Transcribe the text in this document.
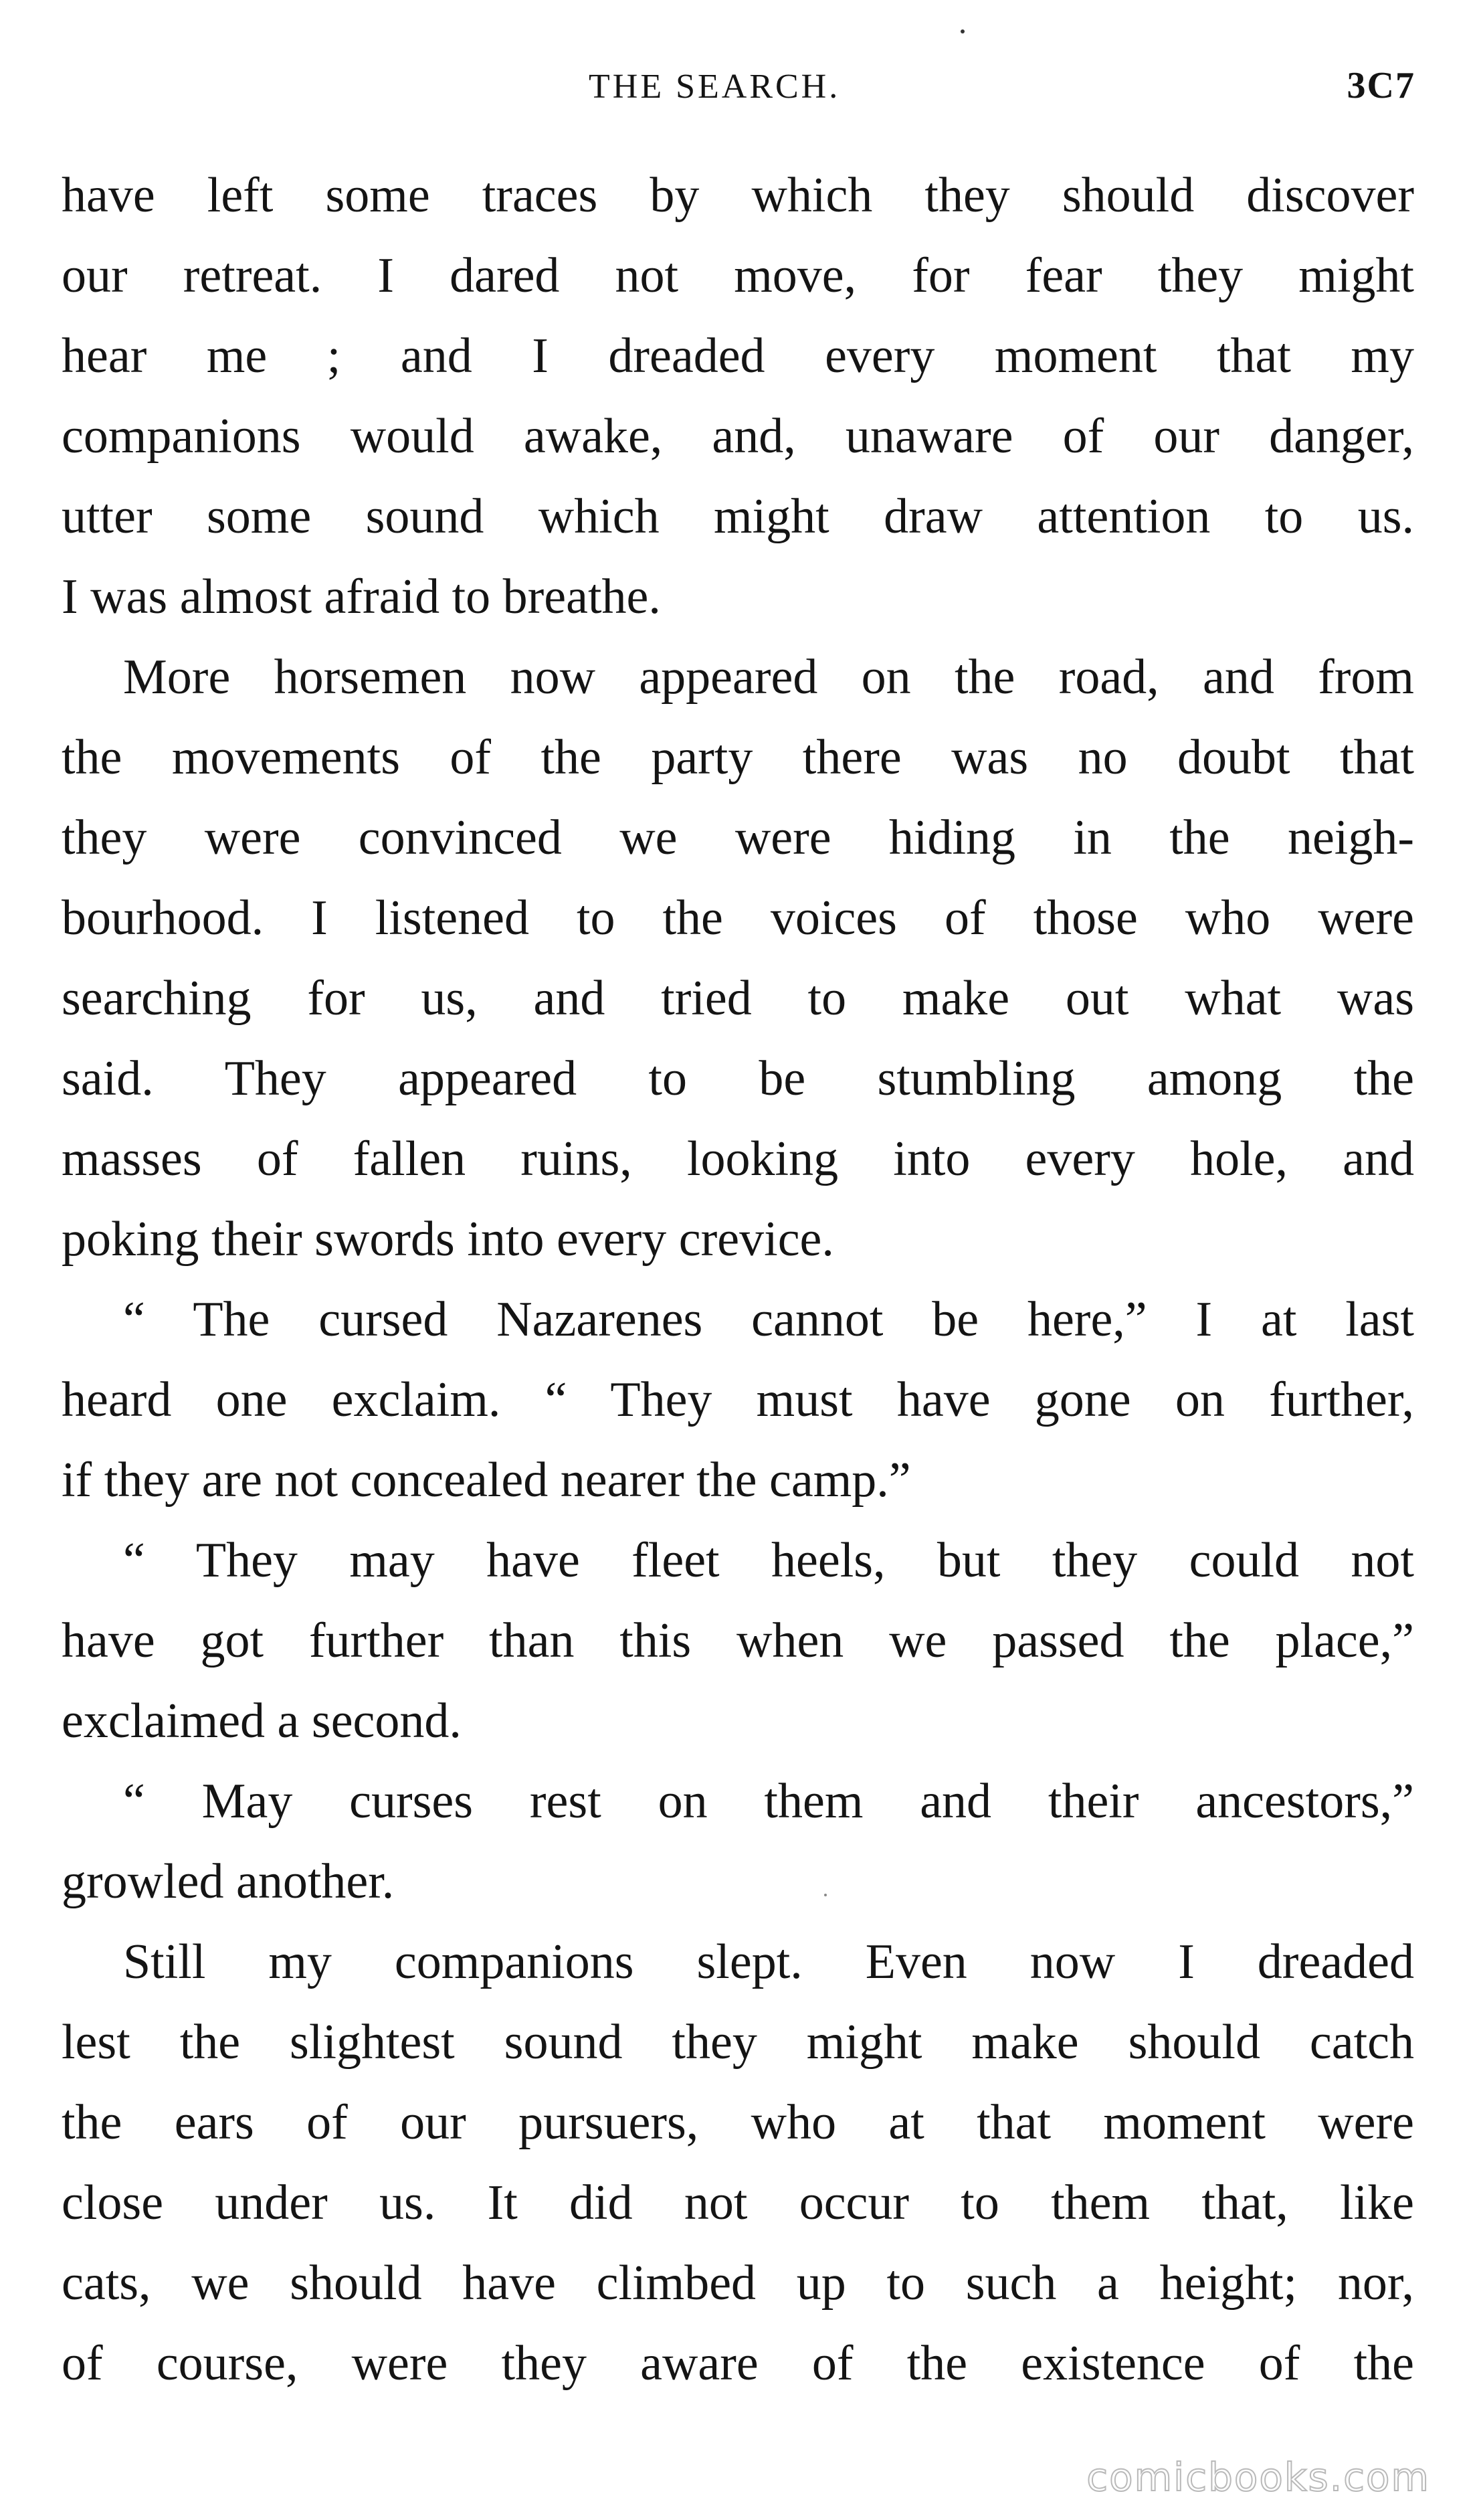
THE SEARCH.	3C7
have left some traces by which they should discover
our retreat. I dared not move, for fear they might
hear me ; and I dreaded every moment that my
companions would awake, and, unaware of our danger,
utter some sound which might draw attention to us.
I was almost afraid to breathe.
More horsemen now appeared on the road, and from
the movements of the party there was no doubt that
they were convinced we were hiding in the neigh-
bourhood. I listened to the voices of those who were
searching for us, and tried to make out what was
said. They appeared to be stumbling among the
masses of fallen ruins, looking into every hole, and
poking their swords into every crevice.
“ The cursed Nazarenes cannot be here,” I at last
heard one exclaim. “ They must have gone on further,
if they are not concealed nearer the camp.”
“ They may have fleet heels, but they could not
have got further than this when we passed the place,”
exclaimed a second.
“ May curses rest on them and their ancestors,”
growled another.
Still my companions slept. Even now I dreaded
lest the slightest sound they might make should catch
the ears of our pursuers, who at that moment were
close under us. It did not occur to them that, like
cats, we should have climbed up to such a height; nor,
of course, were they aware of the existence of the
comicbooks.com
